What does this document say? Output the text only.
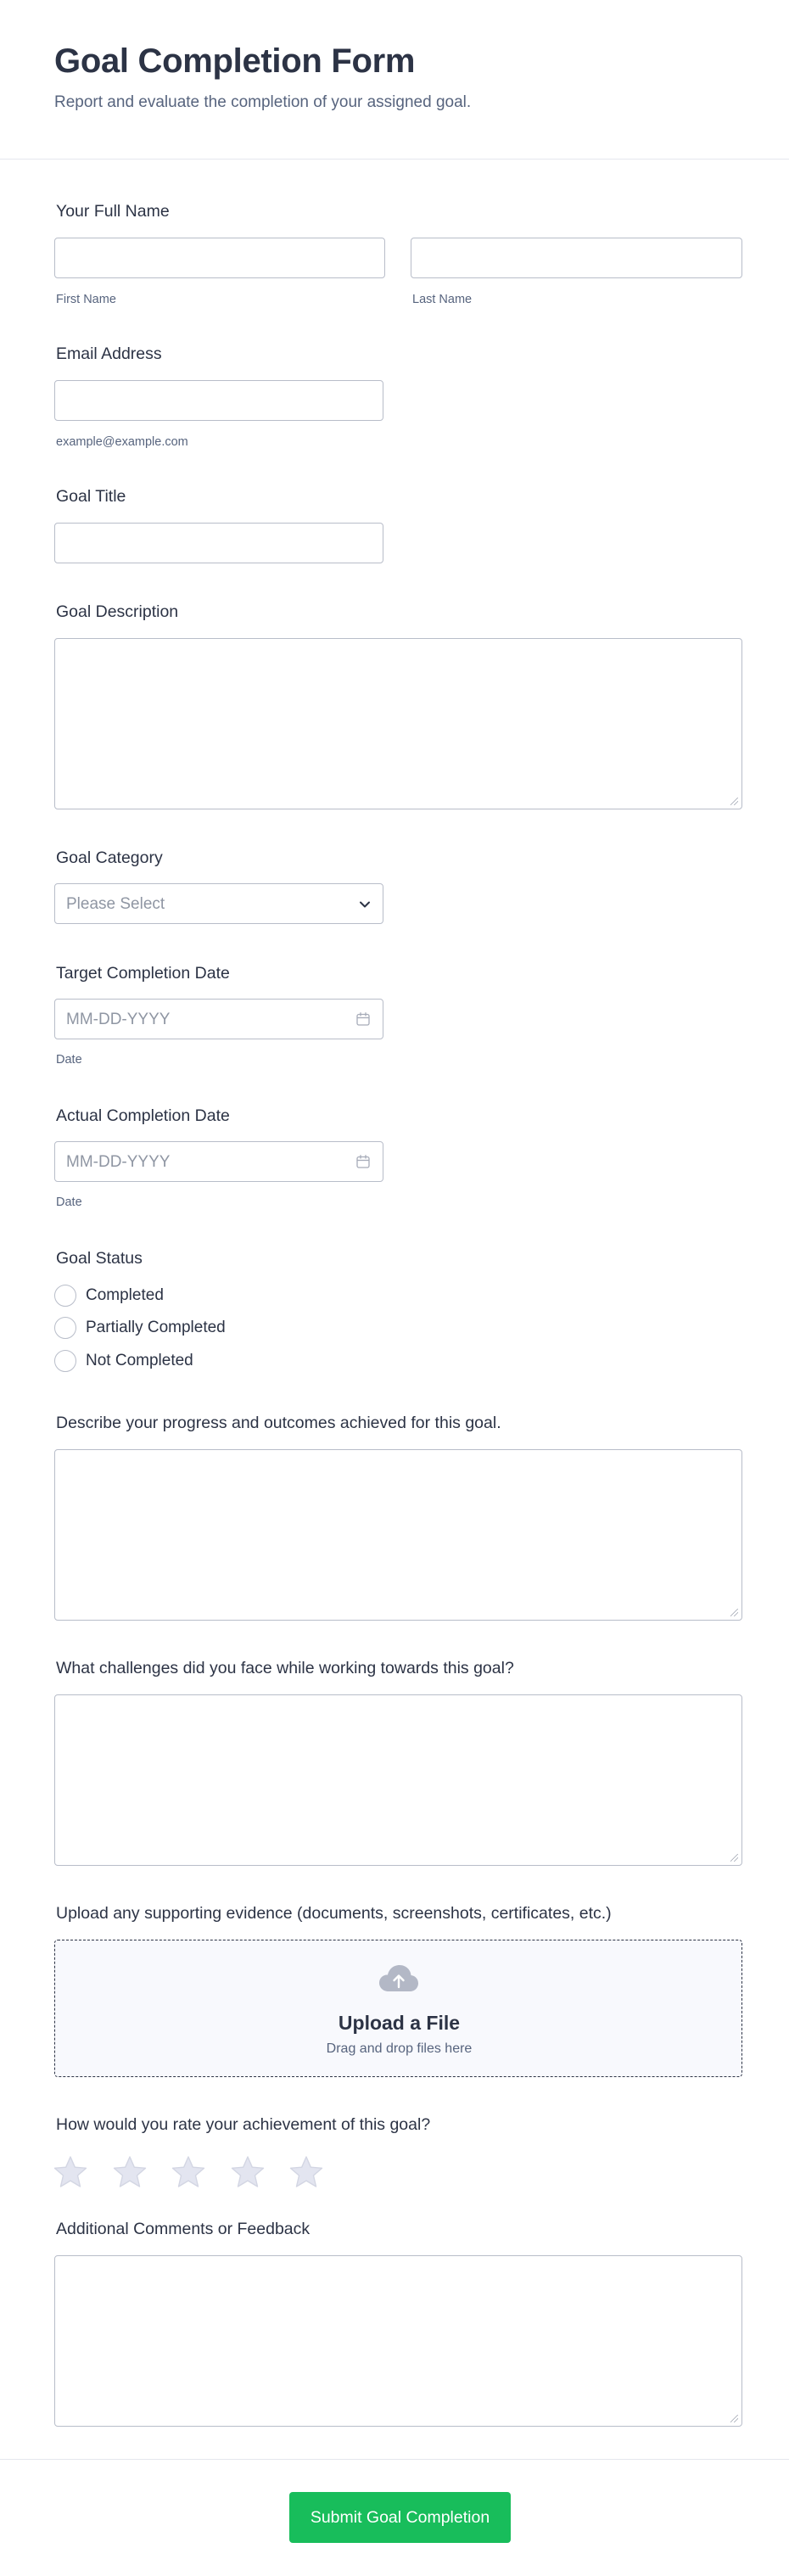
Goal Completion Form
Report and evaluate the completion of your assigned goal.
Your Full Name
First Name	Last Name
Email Address
example@example.com
Goal Title
Goal Description
Goal Category
Please Select
Target Completion Date
MM-DD-YYYY
Date
Actual Completion Date
MM-DD-YYYY
Date
Goal Status
Completed
Partially Completed
Not Completed
Describe your progress and outcomes achieved for this goal.
What challenges did you face while working towards this goal?
Upload any supporting evidence (documents, screenshots, certificates, etc.)
Upload a File
Drag and drop files here
How would you rate your achievement of this goal?
Additional Comments or Feedback
Submit Goal Completion
